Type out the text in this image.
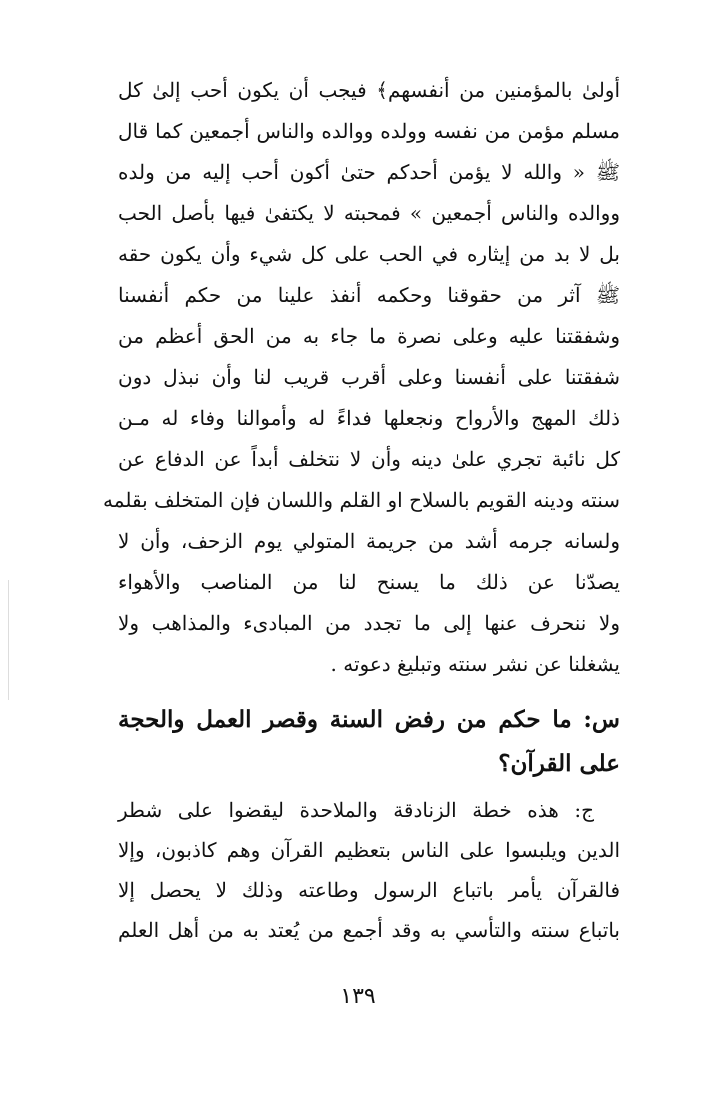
أولىٰ بالمؤمنين من أنفسهم﴾ فيجب أن يكون أحب إلىٰ كل
مسلم مؤمن من نفسه وولده ووالده والناس أجمعين كما قال
ﷺ « والله لا يؤمن أحدكم حتىٰ أكون أحب إليه من ولده
ووالده والناس أجمعين » فمحبته لا يكتفىٰ فيها بأصل الحب
بل لا بد من إيثاره في الحب على كل شيء وأن يكون حقه
ﷺ آثر من حقوقنا وحكمه أنفذ علينا من حكم أنفسنا
وشفقتنا عليه وعلى نصرة ما جاء به من الحق أعظم من
شفقتنا على أنفسنا وعلى أقرب قريب لنا وأن نبذل دون
ذلك المهج والأرواح ونجعلها فداءً له وأموالنا وفاء له مـن
كل نائبة تجري علىٰ دينه وأن لا نتخلف أبداً عن الدفاع عن
سنته ودينه القويم بالسلاح او القلم واللسان فإن المتخلف بقلمه
ولسانه جرمه أشد من جريمة المتولي يوم الزحف، وأن لا
يصدّنا عن ذلك ما يسنح لنا من المناصب والأهواء
ولا ننحرف عنها إلى ما تجدد من المبادىء والمذاهب ولا
يشغلنا عن نشر سنته وتبليغ دعوته .
س: ما حكم من رفض السنة وقصر العمل والحجة
على القرآن؟
ج: هذه خطة الزنادقة والملاحدة ليقضوا على شطر
الدين ويلبسوا على الناس بتعظيم القرآن وهم كاذبون، وإلا
فالقرآن يأمر باتباع الرسول وطاعته وذلك لا يحصل إلا
باتباع سنته والتأسي به وقد أجمع من يُعتد به من أهل العلم
١٣٩
